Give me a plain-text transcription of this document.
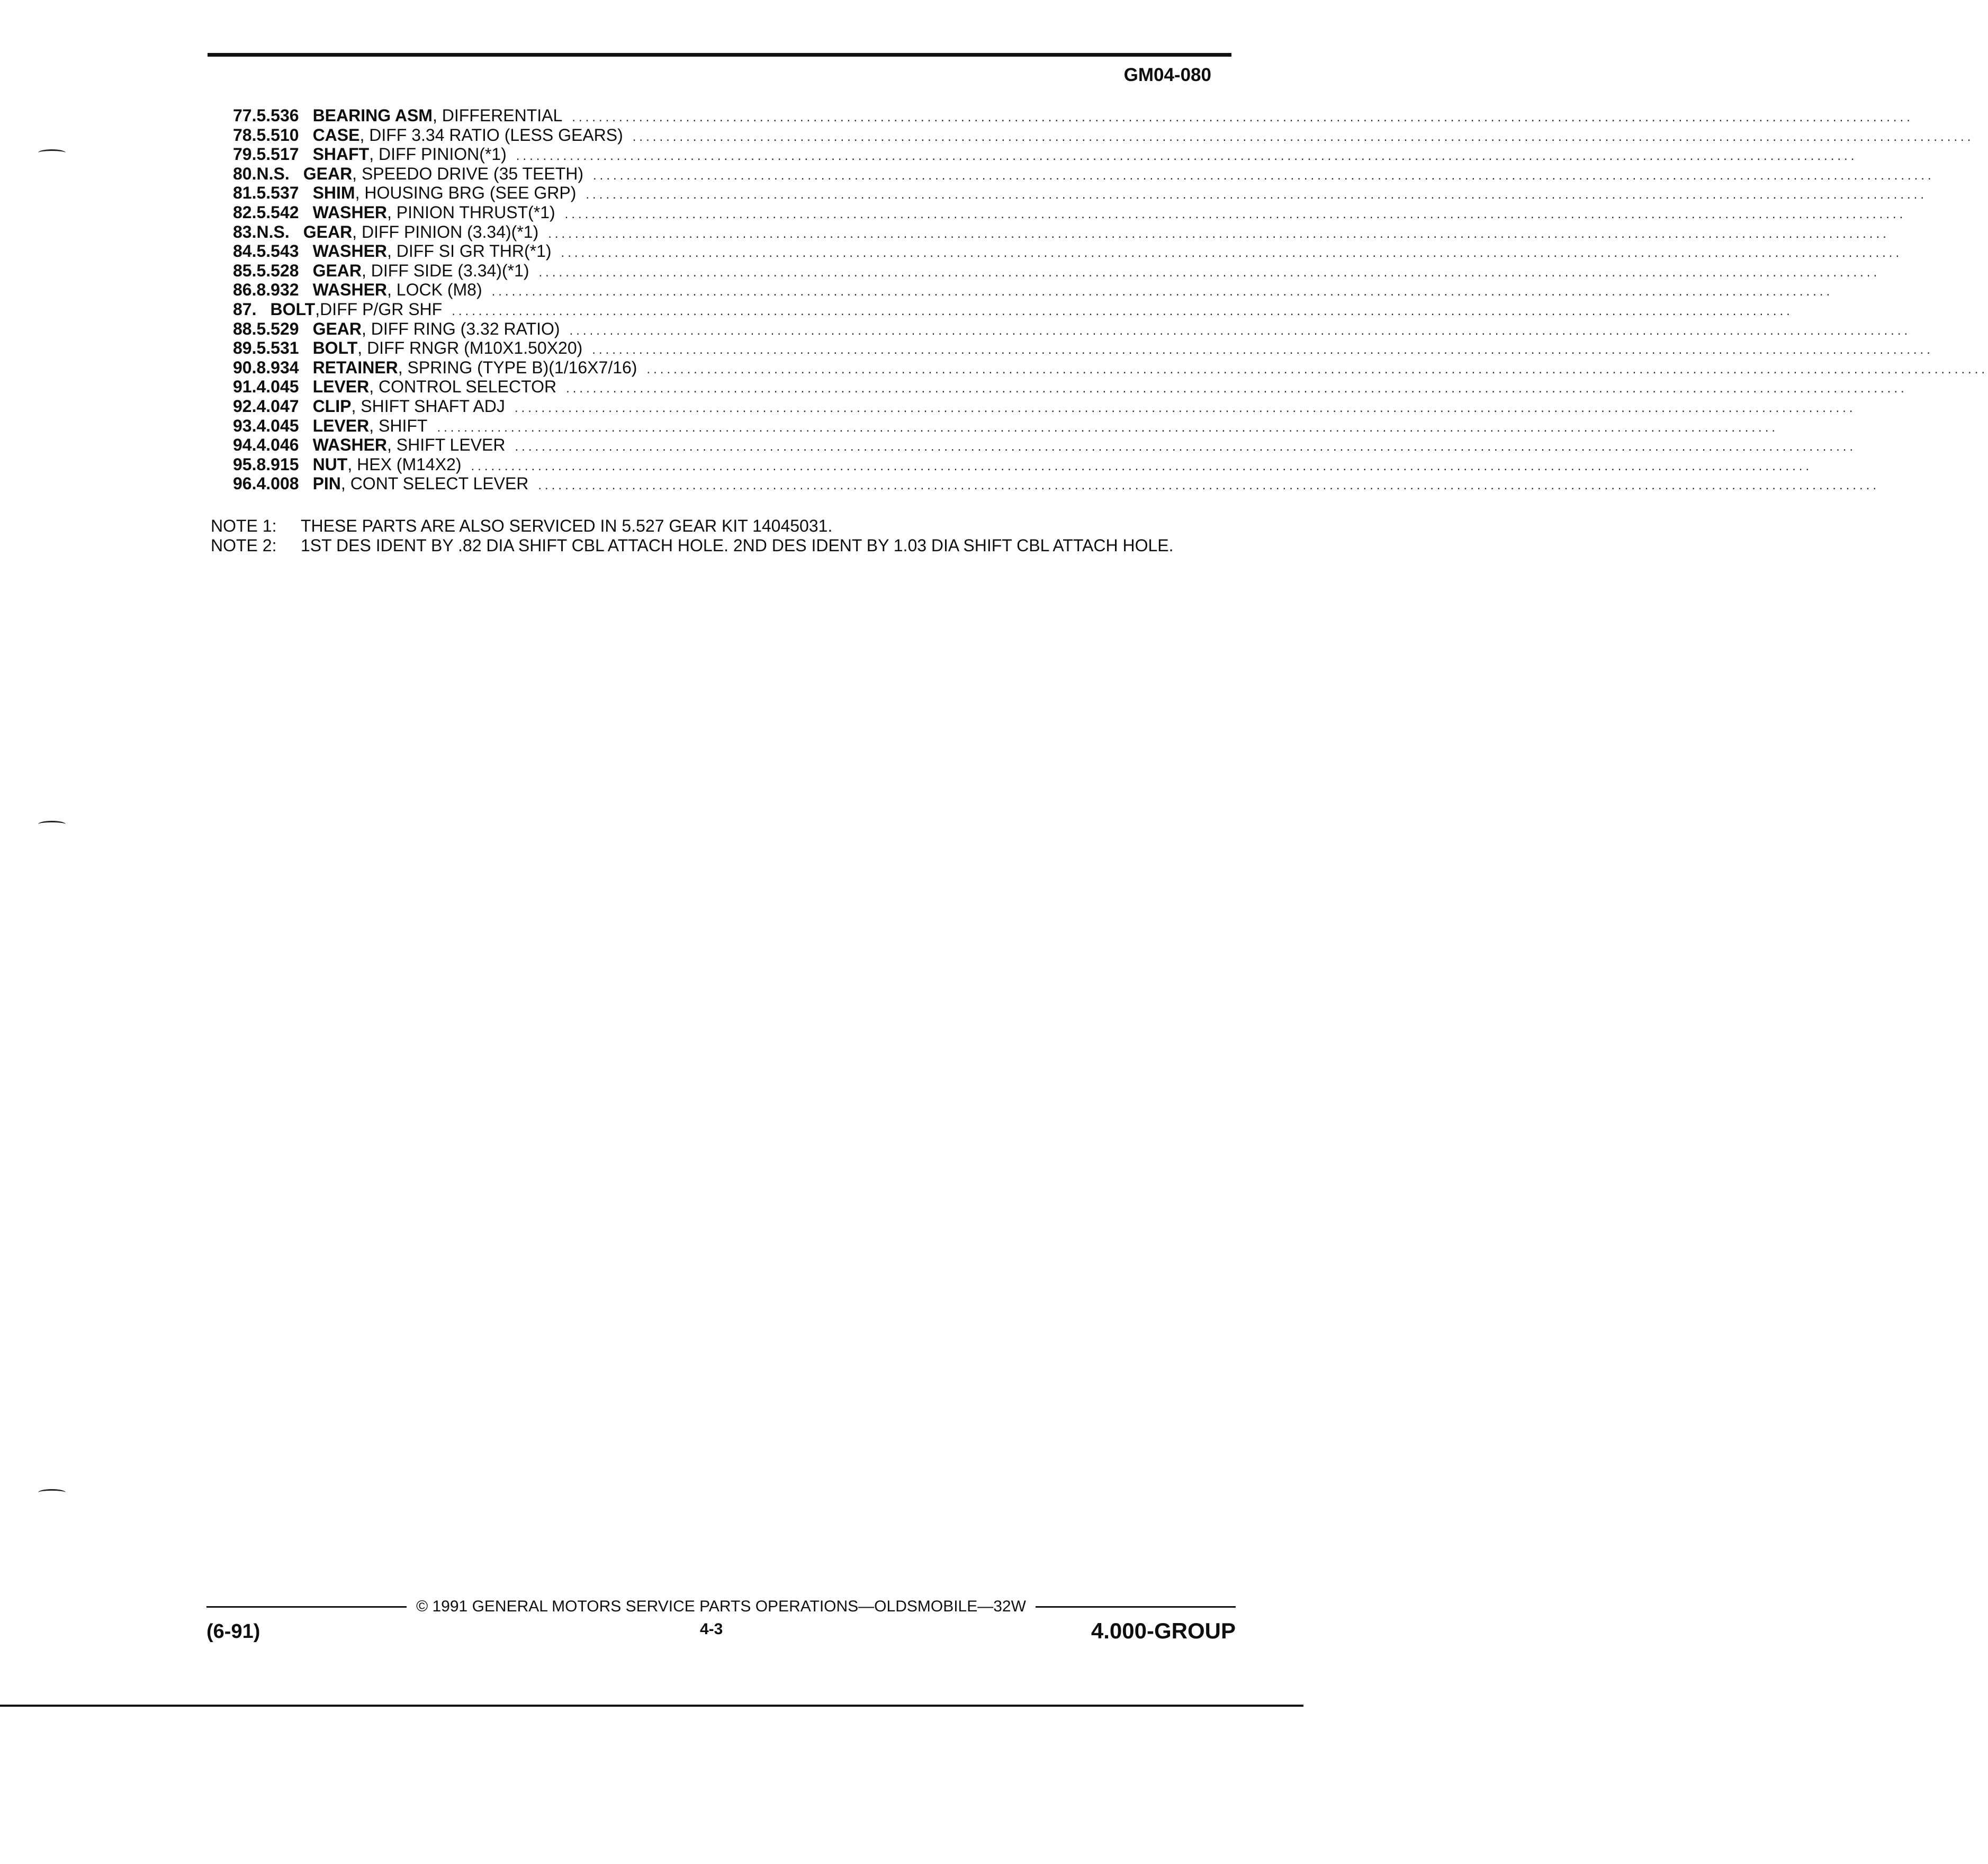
GM04-080
77. 5.536 BEARING ASM , DIFFERENTIAL ........................................................................................................................................................................................................
78. 5.510 CASE , DIFF 3.34 RATIO (LESS GEARS) ........................................................................................................................................................................................................
79. 5.517 SHAFT , DIFF PINION(*1) ........................................................................................................................................................................................................
80. N.S. GEAR , SPEEDO DRIVE (35 TEETH) ........................................................................................................................................................................................................
81. 5.537 SHIM , HOUSING BRG (SEE GRP) ........................................................................................................................................................................................................
82. 5.542 WASHER , PINION THRUST(*1) ........................................................................................................................................................................................................
83. N.S. GEAR , DIFF PINION (3.34)(*1) ........................................................................................................................................................................................................
84. 5.543 WASHER , DIFF SI GR THR(*1) ........................................................................................................................................................................................................
85. 5.528 GEAR , DIFF SIDE (3.34)(*1) ........................................................................................................................................................................................................
86. 8.932 WASHER , LOCK (M8) ........................................................................................................................................................................................................
87. BOLT ,DIFF P/GR SHF ........................................................................................................................................................................................................
88. 5.529 GEAR , DIFF RING (3.32 RATIO) ........................................................................................................................................................................................................
89. 5.531 BOLT , DIFF RNGR (M10X1.50X20) ........................................................................................................................................................................................................
90. 8.934 RETAINER , SPRING (TYPE B)(1/16X7/16) ........................................................................................................................................................................................................
91. 4.045 LEVER , CONTROL SELECTOR ........................................................................................................................................................................................................
92. 4.047 CLIP , SHIFT SHAFT ADJ ........................................................................................................................................................................................................
93. 4.045 LEVER , SHIFT ........................................................................................................................................................................................................
94. 4.046 WASHER , SHIFT LEVER ........................................................................................................................................................................................................
95. 8.915 NUT , HEX (M14X2) ........................................................................................................................................................................................................
96. 4.008 PIN , CONT SELECT LEVER ........................................................................................................................................................................................................
NOTE 1:	THESE PARTS ARE ALSO SERVICED IN 5.527 GEAR KIT 14045031.
NOTE 2:	1ST DES IDENT BY .82 DIA SHIFT CBL ATTACH HOLE. 2ND DES IDENT BY 1.03 DIA SHIFT CBL ATTACH HOLE.
© 1991 GENERAL MOTORS SERVICE PARTS OPERATIONS—OLDSMOBILE—32W
(6-91)	4-3	4.000-GROUP
